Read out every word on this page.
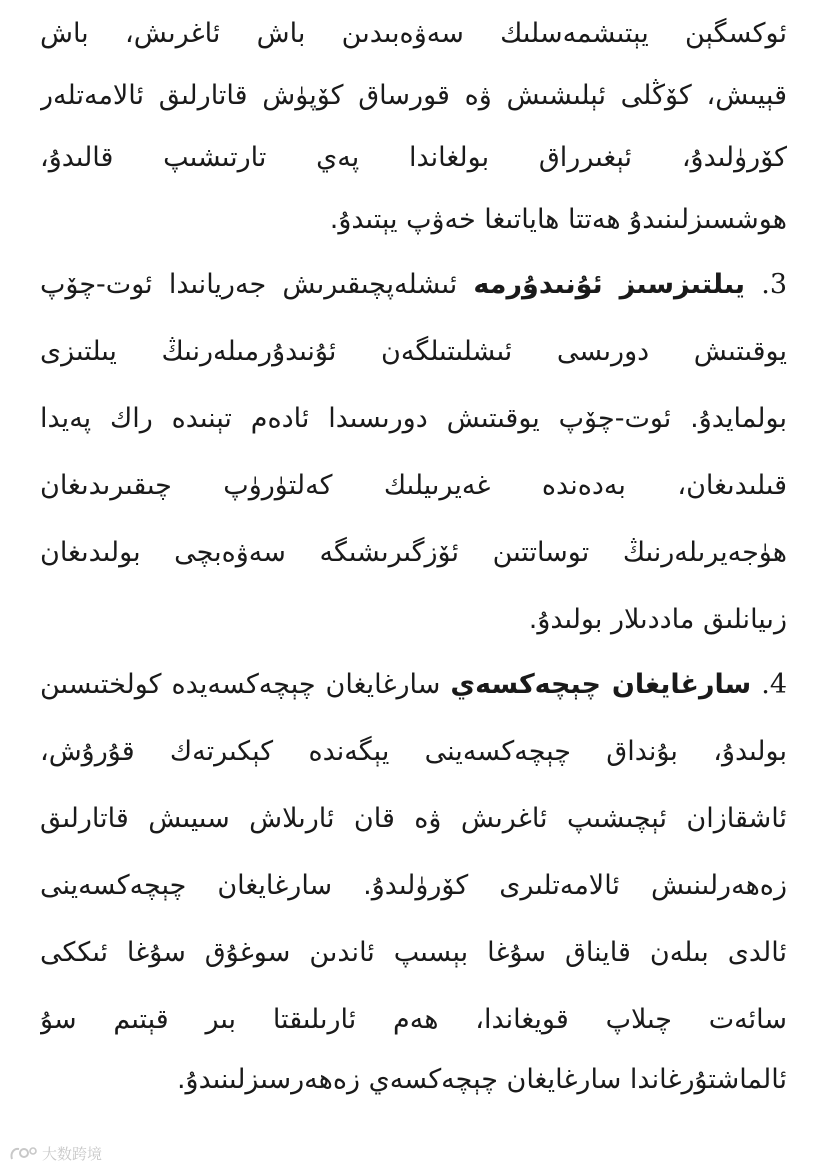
ئوكسگېن يېتىشمەسلىك سەۋەبىدىن باش ئاغرىش، باش
قېيىش، كۆڭلى ئېلىشىش ۋە قورساق كۆپۈش قاتارلىق ئالامەتلەر
كۆرۈلىدۇ، ئېغىرراق بولغاندا پەي تارتىشىپ قالىدۇ،
ھوشسىزلىنىدۇ ھەتتا ھاياتىغا خەۋپ يېتىدۇ.
3. يىلتىزسىز ئۇنىدۇرمە ئىشلەپچىقىرىش جەريانىدا ئوت-چۆپ
يوقىتىش دورىسى ئىشلىتىلگەن ئۇنىدۇرمىلەرنىڭ يىلتىزى
بولمايدۇ. ئوت-چۆپ يوقىتىش دورىسىدا ئادەم تېنىدە راك پەيدا
قىلىدىغان، بەدەندە غەيرىيلىك كەلتۈرۈپ چىقىرىدىغان
ھۈجەيرىلەرنىڭ توساتتىن ئۆزگىرىشىگە سەۋەبچى بولىدىغان
زىيانلىق ماددىلار بولىدۇ.
4. سارغايغان چېچەكسەي سارغايغان چېچەكسەيدە كولختىسىن
بولىدۇ، بۇنداق چېچەكسەينى يېگەندە كېكىرتەك قۇرۇش،
ئاشقازان ئېچىشىپ ئاغرىش ۋە قان ئارىلاش سىيىش قاتارلىق
زەھەرلىنىش ئالامەتلىرى كۆرۈلىدۇ. سارغايغان چېچەكسەينى
ئالدى بىلەن قايناق سۇغا بېسىپ ئاندىن سوغۇق سۇغا ئىككى
سائەت چىلاپ قويغاندا، ھەم ئارىلىقتا بىر قېتىم سۇ
ئالماشتۇرغاندا سارغايغان چېچەكسەي زەھەرسىزلىنىدۇ.
大数跨境
